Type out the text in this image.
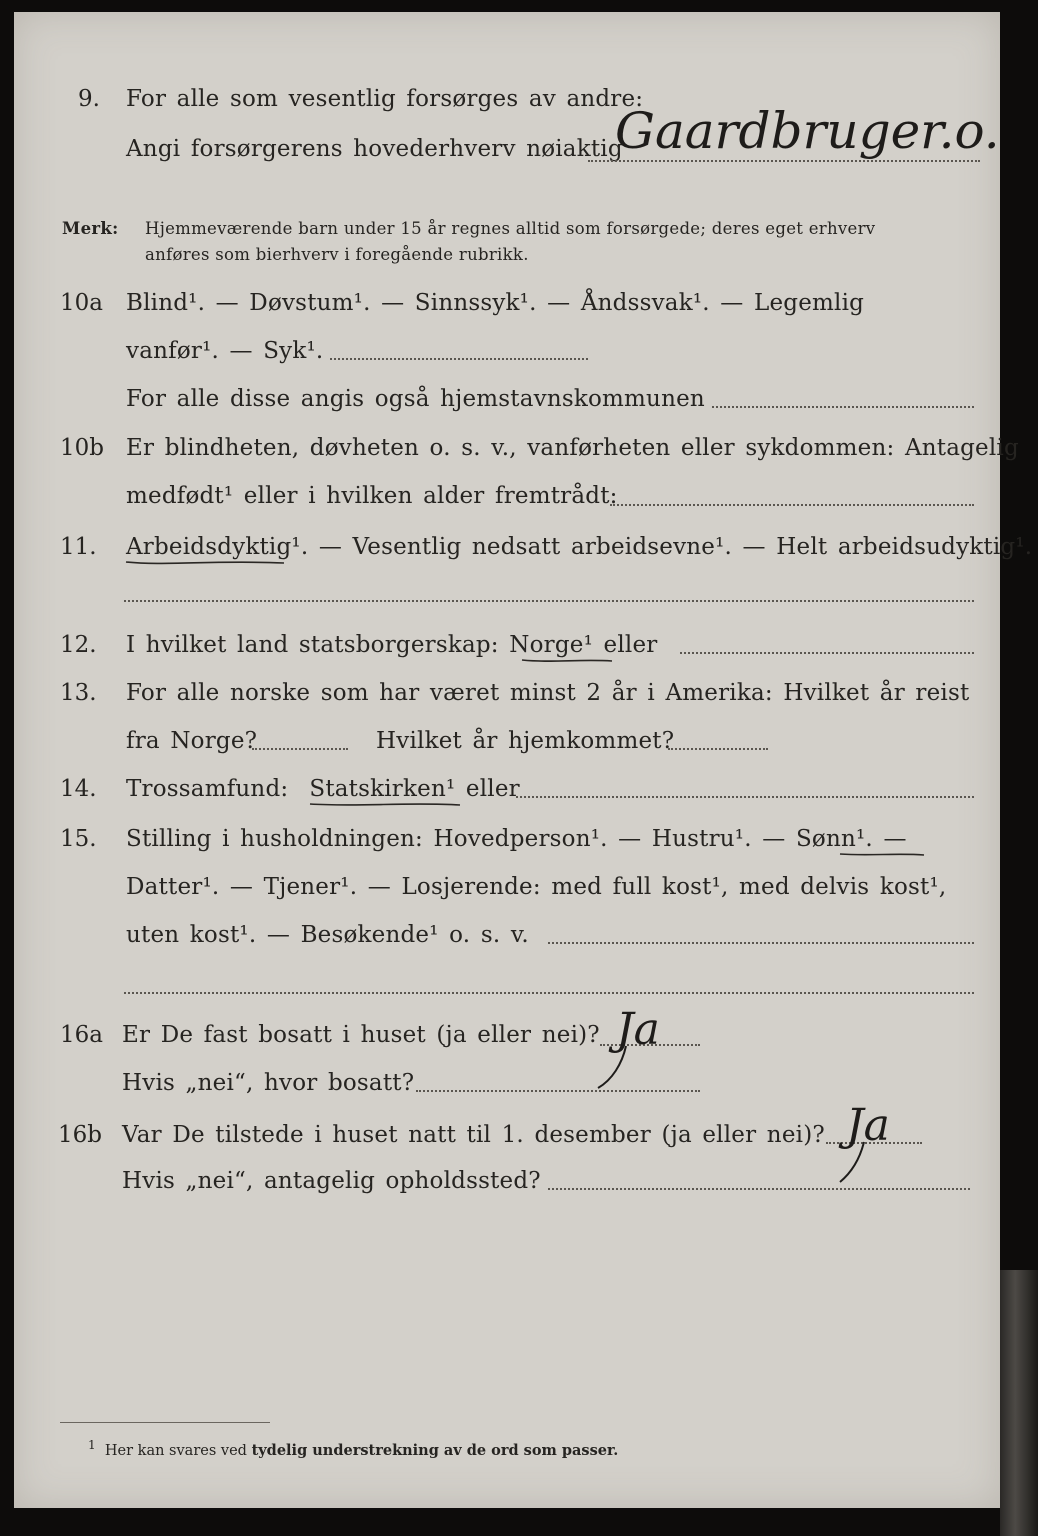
9. For alle som vesentlig forsørges av andre:
Angi forsørgerens hovederhverv nøiaktig
Gaardbruger.o.
Merk: Hjemmeværende barn under 15 år regnes alltid som forsørgede; deres eget erhverv
anføres som bierhverv i foregående rubrikk.
10a Blind¹. — Døvstum¹. — Sinnssyk¹. — Åndssvak¹. — Legemlig
vanfør¹. — Syk¹.
For alle disse angis også hjemstavnskommunen
10b Er blindheten, døvheten o. s. v., vanførheten eller sykdommen: Antagelig
medfødt¹ eller i hvilken alder fremtrådt:
11. Arbeidsdyktig¹. — Vesentlig nedsatt arbeidsevne¹. — Helt arbeidsudyktig¹.
12. I hvilket land statsborgerskap: Norge¹ eller
13. For alle norske som har været minst 2 år i Amerika: Hvilket år reist
fra Norge?	Hvilket år hjemkommet?
14. Trossamfund: Statskirken¹ eller
15. Stilling i husholdningen: Hovedperson¹. — Hustru¹. — Sønn¹. —
Datter¹. — Tjener¹. — Losjerende: med full kost¹, med delvis kost¹,
uten kost¹. — Besøkende¹ o. s. v.
16a Er De fast bosatt i huset (ja eller nei)? Ja
Hvis „nei“, hvor bosatt?
16b Var De tilstede i huset natt til 1. desember (ja eller nei)? Ja
Hvis „nei“, antagelig opholdssted?
$^1$ Her kan svares ved tydelig understrekning av de ord som passer.
